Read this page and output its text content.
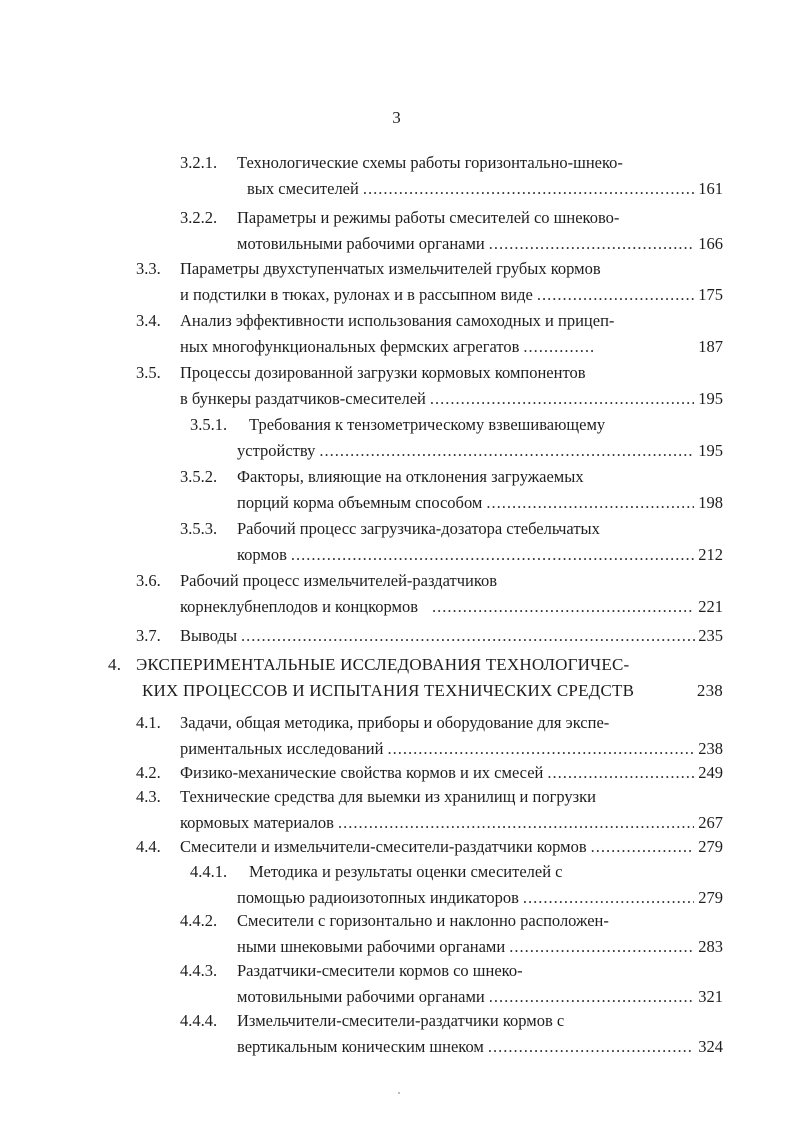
3
3.2.1. Технологические схемы работы горизонтально-шнеко-
вых смесителей .....	161
3.2.2. Параметры и режимы работы смесителей со шнеково-
мотовильными рабочими органами .....	166
3.3. Параметры двухступенчатых измельчителей грубых кормов
и подстилки в тюках, рулонах и в рассыпном виде .....	175
3.4. Анализ эффективности использования самоходных и прицеп-
ных многофункциональных фермских агрегатов .....	187
3.5. Процессы дозированной загрузки кормовых компонентов
в бункеры раздатчиков-смесителей .....	195
3.5.1. Требования к тензометрическому взвешивающему
устройству .....	195
3.5.2. Факторы, влияющие на отклонения загружаемых
порций корма объемным способом .....	198
3.5.3. Рабочий процесс загрузчика-дозатора стебельчатых
кормов .....	212
3.6. Рабочий процесс измельчителей-раздатчиков
корнеклубнеплодов и концкормов .....	221
3.7. Выводы .....	235
4. ЭКСПЕРИМЕНТАЛЬНЫЕ ИССЛЕДОВАНИЯ ТЕХНОЛОГИЧЕС-
КИХ ПРОЦЕССОВ И ИСПЫТАНИЯ ТЕХНИЧЕСКИХ СРЕДСТВ	238
4.1. Задачи, общая методика, приборы и оборудование для экспе-
риментальных исследований .....	238
4.2. Физико-механические свойства кормов и их смесей .....	249
4.3. Технические средства для выемки из хранилищ и погрузки
кормовых материалов .....	267
4.4. Смесители и измельчители-смесители-раздатчики кормов .....	279
4.4.1. Методика и результаты оценки смесителей с
помощью радиоизотопных индикаторов .....	279
4.4.2. Смесители с горизонтально и наклонно расположен-
ными шнековыми рабочими органами .....	283
4.4.3. Раздатчики-смесители кормов со шнеко-
мотовильными рабочими органами .....	321
4.4.4. Измельчители-смесители-раздатчики кормов с
вертикальным коническим шнеком .....	324
